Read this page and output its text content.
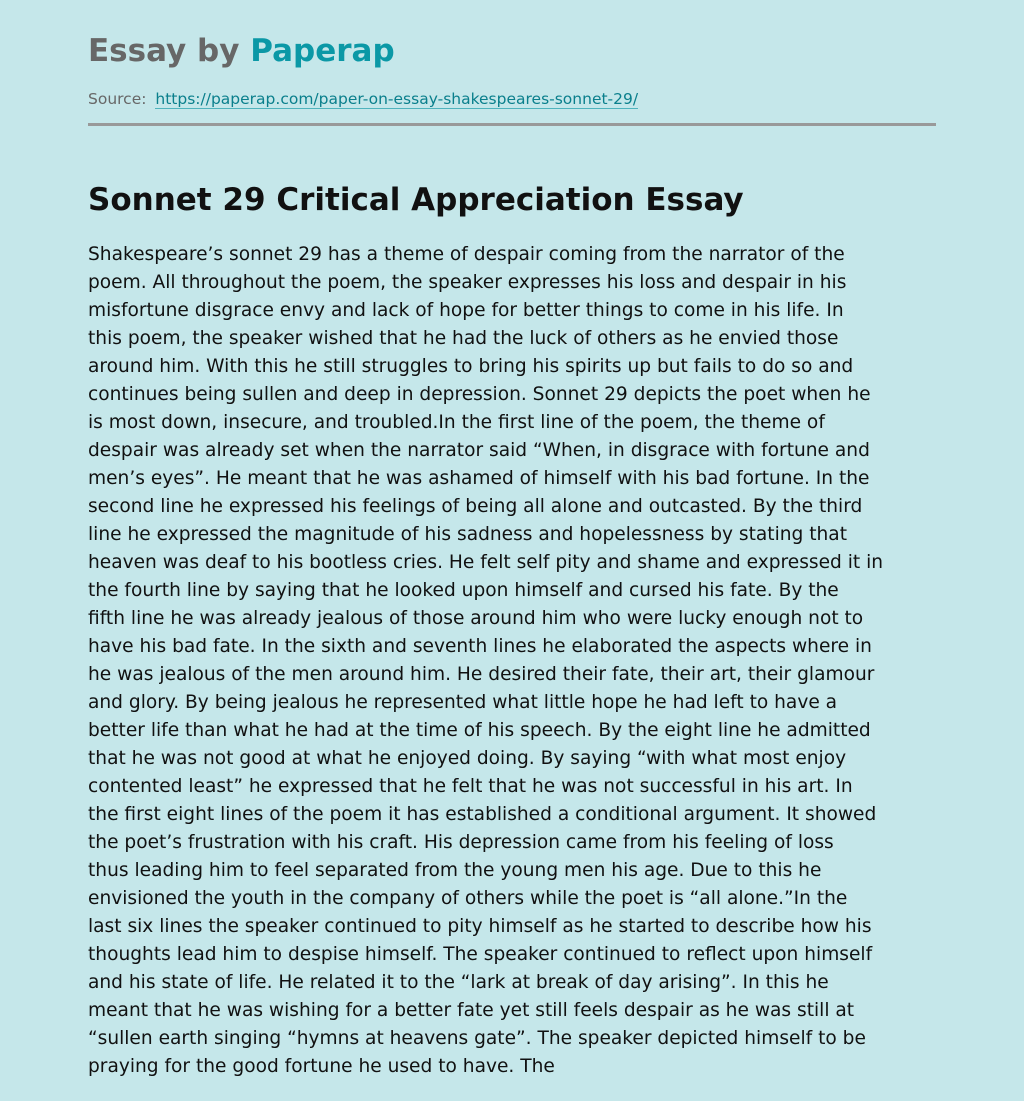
Essay by Paperap
Source: https://paperap.com/paper-on-essay-shakespeares-sonnet-29/
Sonnet 29 Critical Appreciation Essay
Shakespeare’s sonnet 29 has a theme of despair coming from the narrator of the
poem. All throughout the poem, the speaker expresses his loss and despair in his
misfortune disgrace envy and lack of hope for better things to come in his life. In
this poem, the speaker wished that he had the luck of others as he envied those
around him. With this he still struggles to bring his spirits up but fails to do so and
continues being sullen and deep in depression. Sonnet 29 depicts the poet when he
is most down, insecure, and troubled.In the first line of the poem, the theme of
despair was already set when the narrator said “When, in disgrace with fortune and
men’s eyes”. He meant that he was ashamed of himself with his bad fortune. In the
second line he expressed his feelings of being all alone and outcasted. By the third
line he expressed the magnitude of his sadness and hopelessness by stating that
heaven was deaf to his bootless cries. He felt self pity and shame and expressed it in
the fourth line by saying that he looked upon himself and cursed his fate. By the
fifth line he was already jealous of those around him who were lucky enough not to
have his bad fate. In the sixth and seventh lines he elaborated the aspects where in
he was jealous of the men around him. He desired their fate, their art, their glamour
and glory. By being jealous he represented what little hope he had left to have a
better life than what he had at the time of his speech. By the eight line he admitted
that he was not good at what he enjoyed doing. By saying “with what most enjoy
contented least” he expressed that he felt that he was not successful in his art. In
the first eight lines of the poem it has established a conditional argument. It showed
the poet’s frustration with his craft. His depression came from his feeling of loss
thus leading him to feel separated from the young men his age. Due to this he
envisioned the youth in the company of others while the poet is “all alone.”In the
last six lines the speaker continued to pity himself as he started to describe how his
thoughts lead him to despise himself. The speaker continued to reflect upon himself
and his state of life. He related it to the “lark at break of day arising”. In this he
meant that he was wishing for a better fate yet still feels despair as he was still at
“sullen earth singing “hymns at heavens gate”. The speaker depicted himself to be
praying for the good fortune he used to have. The
